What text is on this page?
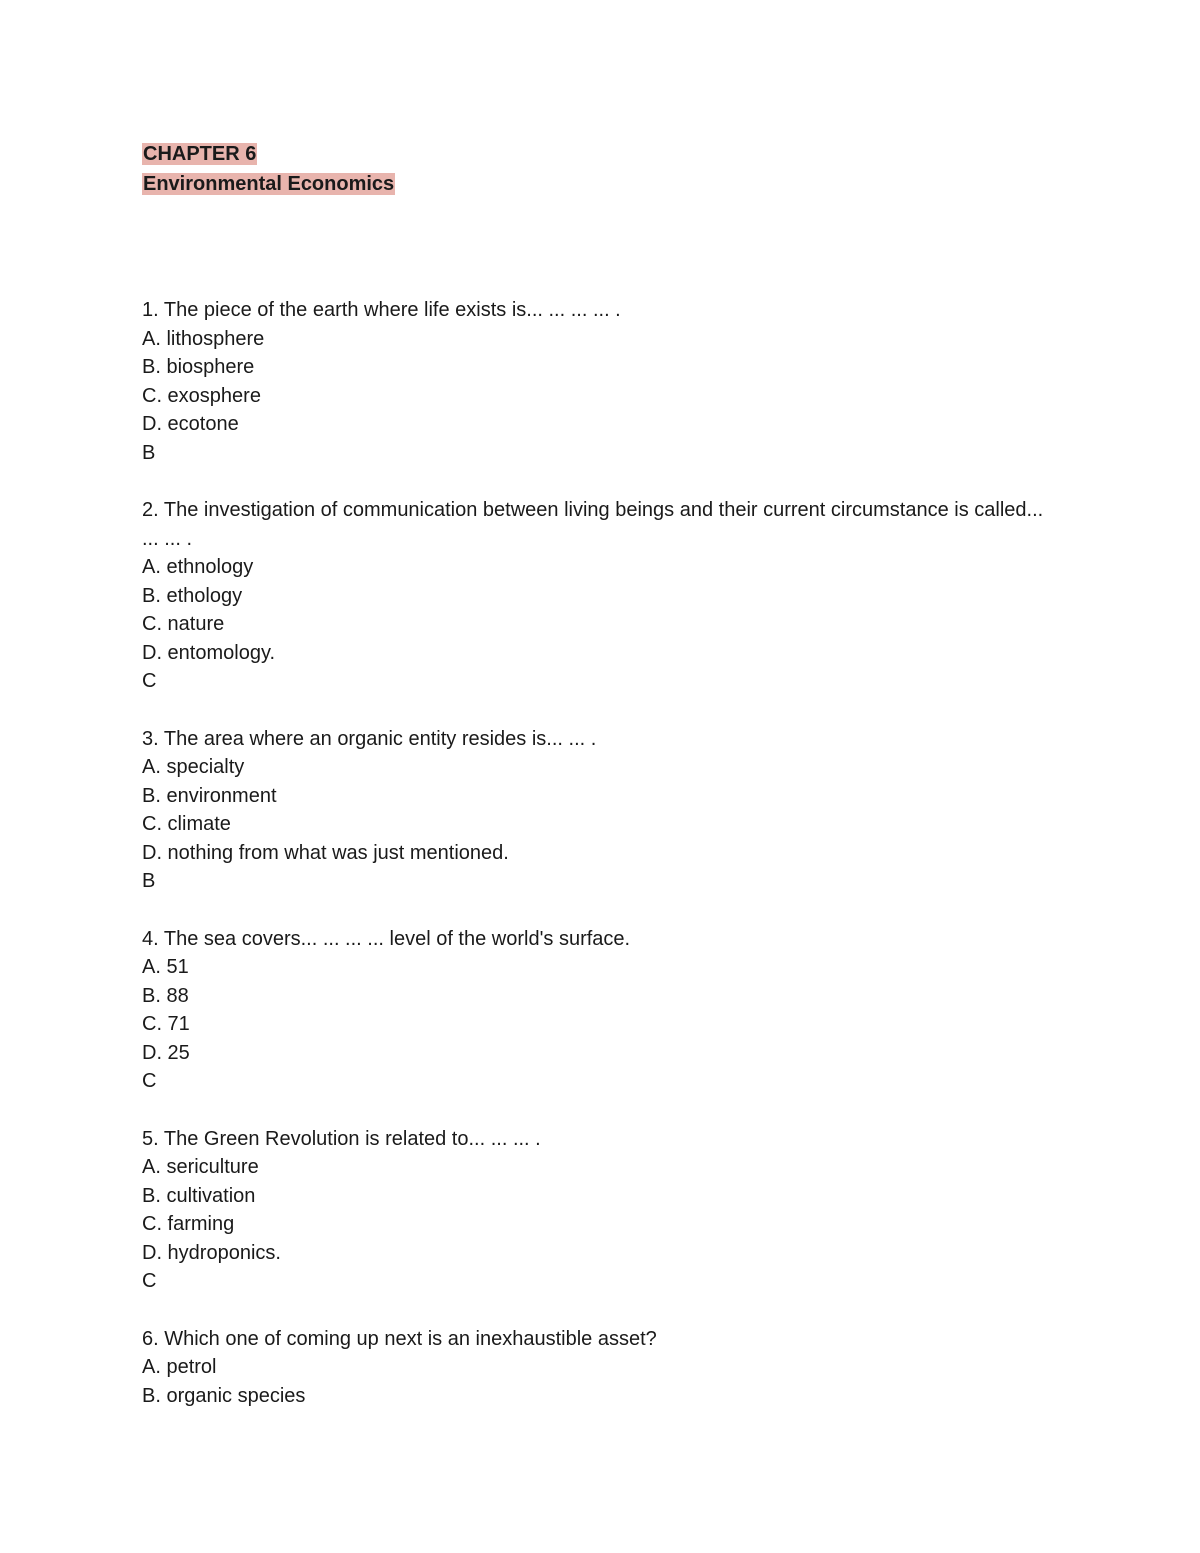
CHAPTER 6
Environmental Economics
1. The piece of the earth where life exists is... ... ... ... .
A. lithosphere
B. biosphere
C. exosphere
D. ecotone
B
2. The investigation of communication between living beings and their current circumstance is called... ... ... .
A. ethnology
B. ethology
C. nature
D. entomology.
C
3. The area where an organic entity resides is... ... .
A. specialty
B. environment
C. climate
D. nothing from what was just mentioned.
B
4. The sea covers... ... ... ... level of the world's surface.
A. 51
B. 88
C. 71
D. 25
C
5. The Green Revolution is related to... ... ... .
A. sericulture
B. cultivation
C. farming
D. hydroponics.
C
6. Which one of coming up next is an inexhaustible asset?
A. petrol
B. organic species
